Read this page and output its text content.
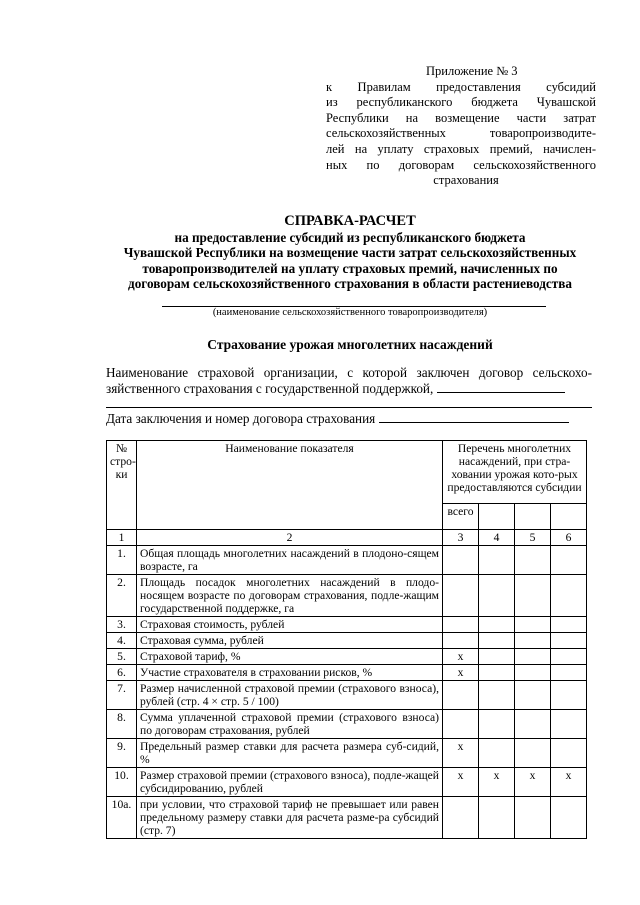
Приложение № 3
к Правилам предоставления субсидий
из республиканского бюджета Чувашской
Республики на возмещение части затрат
сельскохозяйственных товаропроизводите-
лей на уплату страховых премий, начислен-
ных по договорам сельскохозяйственного
страхования
СПРАВКА-РАСЧЕТ
на предоставление субсидий из республиканского бюджета
Чувашской Республики на возмещение части затрат сельскохозяйственных
товаропроизводителей на уплату страховых премий, начисленных по
договорам сельскохозяйственного страхования в области растениеводства
(наименование сельскохозяйственного товаропроизводителя)
Страхование урожая многолетних насаждений
Наименование страховой организации, с которой заключен договор сельскохо-зяйственного страхования с государственной поддержкой,
Дата заключения и номер договора страхования
№ стро-ки	Наименование показателя	Перечень многолетних насаждений, при стра-ховании урожая кото-рых предоставляются субсидии			
		всего			
1	2	3	4	5	6
1.	Общая площадь многолетних насаждений в плодоно-сящем возрасте, га				
2.	Площадь посадок многолетних насаждений в плодо-носящем возрасте по договорам страхования, подле-жащим государственной поддержке, га				
3.	Страховая стоимость, рублей				
4.	Страховая сумма, рублей				
5.	Страховой тариф, %	x			
6.	Участие страхователя в страховании рисков, %	x			
7.	Размер начисленной страховой премии (страхового взноса), рублей (стр. 4 × стр. 5 / 100)				
8.	Сумма уплаченной страховой премии (страхового взноса) по договорам страхования, рублей				
9.	Предельный размер ставки для расчета размера суб-сидий, %	x			
10.	Размер страховой премии (страхового взноса), подле-жащей субсидированию, рублей	x	x	x	x
10а.	при условии, что страховой тариф не превышает или равен предельному размеру ставки для расчета разме-ра субсидий (стр. 7)				
